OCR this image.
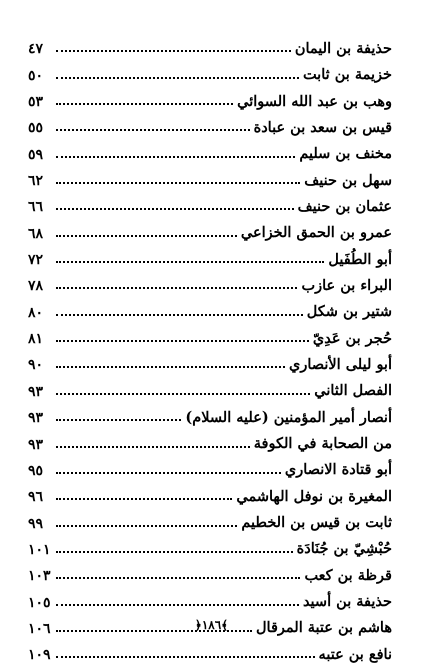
حذيفة بن اليمان
٤٧
خزيمة بن ثابت
٥٠
وهب بن عبد الله السوائي
٥٣
قيس بن سعد بن عبادة
٥٥
مخنف بن سليم
٥٩
سهل بن حنيف
٦٢
عثمان بن حنيف
٦٦
عمرو بن الحمق الخزاعي
٦٨
أبو الطُفَيل
٧٢
البراء بن عازب
٧٨
شتير بن شكل
٨٠
حُجر بن عَدِيّ
٨١
أبو ليلى الأنصاري
٩٠
الفصل الثاني
٩٣
أنصار أمير المؤمنين (عليه السلام)
٩٣
من الصحابة في الكوفة
٩٣
أبو قتادة الانصاري
٩٥
المغيرة بن نوفل الهاشمي
٩٦
ثابت بن قيس بن الخطيم
٩٩
حُبْشِيّ بن جُنَادَة
١٠١
قرظة بن كعب
١٠٣
حذيفة بن أسيد
١٠٥
هاشم بن عتبة المرقال
١٠٦
نافع بن عتبه
١٠٩
﴾١٨٦﴿
